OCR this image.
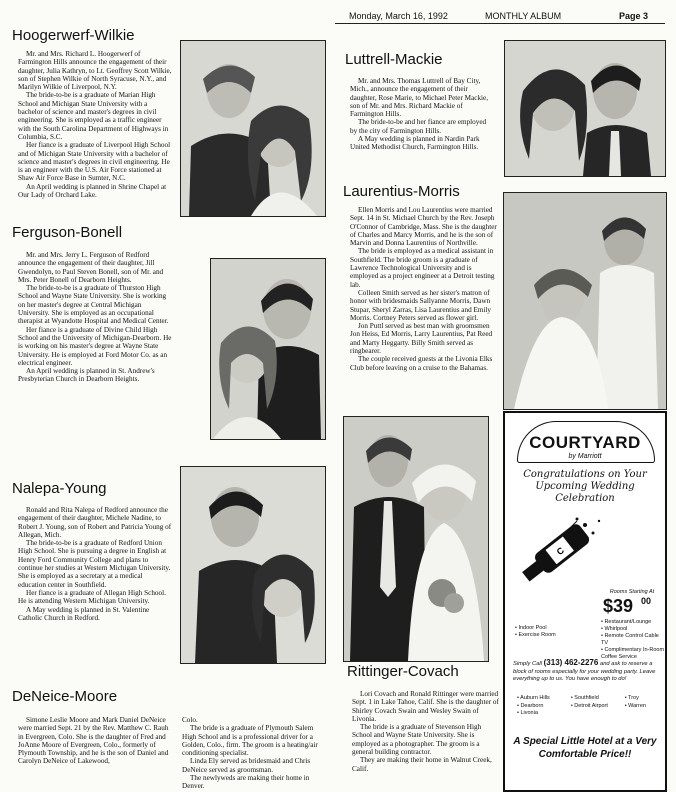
Monday, March 16, 1992	MONTHLY ALBUM	Page 3
Hoogerwerf-Wilkie

Mr. and Mrs. Richard L. Hoogerwerf of Farmington Hills announce the engagement of their daughter, Julia Kathryn, to Lt. Geoffrey Scott Wilkie, son of Stephen Wilkie of North Syracuse, N.Y., and Marilyn Wilkie of Liverpool, N.Y.

The bride-to-be is a graduate of Marian High School and Michigan State University with a bachelor of science and master's degrees in civil engineering. She is employed as a traffic engineer with the South Carolina Department of Highways in Columbia, S.C.

Her fiance is a graduate of Liverpool High School and of Michigan State University with a bachelor of science and master's degrees in civil engineering. He is an engineer with the U.S. Air Force stationed at Shaw Air Force Base in Sumter, N.C.

An April wedding is planned in Shrine Chapel at Our Lady of Orchard Lake.

Ferguson-Bonell

Mr. and Mrs. Jerry L. Ferguson of Redford announce the engagement of their daughter, Jill Gwendolyn, to Paul Steven Bonell, son of Mr. and Mrs. Peter Bonell of Dearborn Heights.

The bride-to-be is a graduate of Thurston High School and Wayne State University. She is working on her master's degree at Central Michigan University. She is employed as an occupational therapist at Wyandotte Hospital and Medical Center.

Her fiance is a graduate of Divine Child High School and the University of Michigan-Dearborn. He is working on his master's degree at Wayne State University. He is employed at Ford Motor Co. as an electrical engineer.

An April wedding is planned in St. Andrew's Presbyterian Church in Dearborn Heights.

Nalepa-Young

Ronald and Rita Nalepa of Redford announce the engagement of their daughter, Michele Nadine, to Robert J. Young, son of Robert and Patricia Young of Allegan, Mich.

The bride-to-be is a graduate of Redford Union High School. She is pursuing a degree in English at Henry Ford Community College and plans to continue her studies at Western Michigan University. She is employed as a secretary at a medical education center in Southfield.

Her fiance is a graduate of Allegan High School. He is attending Western Michigan University.

A May wedding is planned in St. Valentine Catholic Church in Redford.

DeNeice-Moore

Simone Leslie Moore and Mark Daniel DeNeice were married Sept. 21 by the Rev. Matthew C. Rauh in Evergreen, Colo. She is the daughter of Fred and JoAnne Moore of Evergreen, Colo., formerly of Plymouth Township, and he is the son of Daniel and Carolyn DeNeice of Lakewood,

Colo.

The bride is a graduate of Plymouth Salem High School and is a professional driver for a Golden, Colo., firm. The groom is a heating/air conditioning specialist.

Linda Ely served as bridesmaid and Chris DeNeice served as groomsman.

The newlyweds are making their home in Denver.

Luttrell-Mackie

Mr. and Mrs. Thomas Luttrell of Bay City, Mich., announce the engagement of their daughter, Rose Marie, to Michael Peter Mackie, son of Mr. and Mrs. Richard Mackie of Farmington Hills.

The bride-to-be and her fiance are employed by the city of Farmington Hills.

A May wedding is planned in Nardin Park United Methodist Church, Farmington Hills.

Laurentius-Morris

Ellen Morris and Lou Laurentius were married Sept. 14 in St. Michael Church by the Rev. Joseph O'Connor of Cambridge, Mass. She is the daughter of Charles and Marcy Morris, and he is the son of Marvin and Donna Laurentius of Northville.

The bride is employed as a medical assistant in Southfield. The bride groom is a graduate of Lawrence Technological University and is employed as a project engineer at a Detroit testing lab.

Colleen Smith served as her sister's matron of honor with bridesmaids Sallyanne Morris, Dawn Stupar, Sheryl Zarras, Lisa Laurentius and Emily Morris. Cortney Peters served as flower girl.

Jon Puttl served as best man with groomsmen Jon Heiss, Ed Morris, Larry Laurentius, Pat Reed and Marty Heggarty. Billy Smith served as ringbearer.

The couple received guests at the Livonia Elks Club before leaving on a cruise to the Bahamas.

Rittinger-Covach

Lori Covach and Ronald Rittinger were married Sept. 1 in Lake Tahoe, Calif. She is the daughter of Shirley Covach Swain and Wesley Swain of Livonia.

The bride is a graduate of Stevenson High School and Wayne State University. She is employed as a photographer. The groom is a general building contractor.

They are making their home in Walnut Creek, Calif.

COURTYARD
by Marriott
Congratulations on Your Upcoming Wedding Celebration
C
Rooms Starting At
$39 00
• Restaurant/Lounge
• Whirlpool
• Remote Control Cable TV
• Complimentary In-Room Coffee Service
• Indoor Pool
• Exercise Room
Simply Call (313) 462-2276 and ask to reserve a block of rooms especially for your wedding party. Leave everything up to us. You have enough to do!
• Auburn Hills	• Southfield	• Troy
• Dearborn	• Detroit Airport	• Warren
• Livonia
A Special Little Hotel at a Very Comfortable Price!!
